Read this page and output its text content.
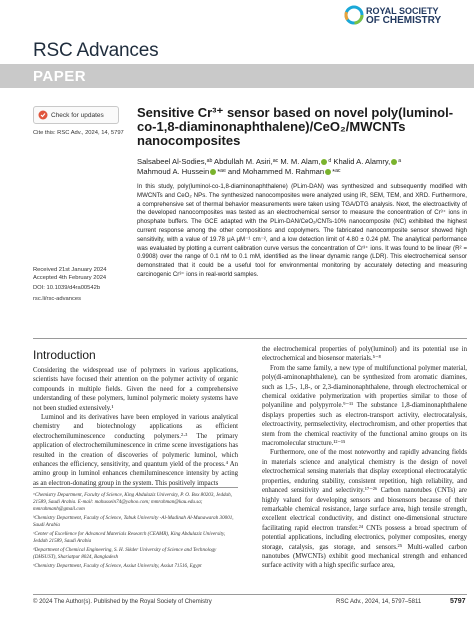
RSC Advances
ROYAL SOCIETY
OF CHEMISTRY
PAPER
Check for updates
Cite this: RSC Adv., 2024, 14, 5797
Sensitive Cr³⁺ sensor based on novel poly(luminol-co-1,8-diaminonaphthalene)/CeO₂/MWCNTs nanocomposites
Salsabeel Al-Sodies,ᵃᵇ Abdullah M. Asiri,ᵃᶜ M. M. Alam, ᵈ Khalid A. Alamry, ᵃ
Mahmoud A. Hussein *ᵃᵉ and Mohammed M. Rahman *ᵃᶜ
In this study, poly(luminol-co-1,8-diaminonaphthalene) (PLim-DAN) was synthesized and subsequently modified with MWCNTs and CeO₂ NPs. The synthesized nanocomposites were analyzed using IR, SEM, TEM, and XRD. Furthermore, a comprehensive set of thermal behavior measurements were taken using TGA/DTG analysis. Next, the electroactivity of the developed nanocomposites was tested as an electrochemical sensor to measure the concentration of Cr³⁺ ions in phosphate buffers. The GCE adapted with the PLim-DAN/CeO₂/CNTs-10% nanocomposite (NC) exhibited the highest current response among the other compositions and copolymers. The fabricated nanocomposite sensor showed high sensitivity, with a value of 19.78 μA μM⁻¹ cm⁻², and a low detection limit of 4.80 ± 0.24 pM. The analytical performance was evaluated by plotting a current calibration curve versus the concentration of Cr³⁺ ions. It was found to be linear (R² = 0.9908) over the range of 0.1 nM to 0.1 mM, identified as the linear dynamic range (LDR). This electrochemical sensor demonstrated that it could be a useful tool for environmental monitoring by accurately detecting and measuring carcinogenic Cr³⁺ ions in real-world samples.
Received 21st January 2024
Accepted 4th February 2024
DOI: 10.1039/d4ra00542b
rsc.li/rsc-advances
Introduction

Considering the widespread use of polymers in various applications, scientists have focused their attention on the polymer activity of organic compounds in multiple fields. Given the need for a comprehensive understanding of these polymers, luminol polymeric moiety systems have not been studied extensively.¹

Luminol and its derivatives have been employed in various analytical chemistry and biotechnology applications as efficient electrochemiluminescence conducting polymers.²·³ The primary application of electrochemiluminescence in crime scene investigations has resulted in the creation of discoveries of polymeric luminol, which enhances the efficiency, sensitivity, and quantum yield of the process.⁴ An amino group in luminol enhances chemiluminescence intensity by acting as an electron-donating group in the system. This positively impacts

the electrochemical properties of poly(luminol) and its potential use in electrochemical and biosensor materials.⁵⁻⁸

From the same family, a new type of multifunctional polymer material, poly(di-aminonaphthalene), can be synthesized from aromatic diamines, such as 1,5-, 1,8-, or 2,3-diaminonaphthalene, through electrochemical or chemical oxidative polymerization with properties similar to those of polyaniline and polypyrrole.⁹⁻¹¹ The substance 1,8-diaminonaphthalene displays properties such as electron-transport activity, electrocatalysis, electroactivity, permselectivity, electrochromism, and other properties that stem from the chemical reactivity of the functional amino groups on its macromolecular structure.¹²⁻¹⁵

Furthermore, one of the most noteworthy and rapidly advancing fields in materials science and analytical chemistry is the design of novel electrochemical sensing materials that display exceptional electrocatalytic properties, enduring stability, consistent repetition, high reliability, and enhanced sensitivity and selectivity.¹⁷⁻²⁶ Carbon nanotubes (CNTs) are highly valued for developing sensors and biosensors because of their remarkable chemical resistance, large surface area, high tensile strength, excellent electrical conductivity, and distinct one-dimensional structure facilitating rapid electron transfer.²⁴ CNTs possess a broad spectrum of potential applications, including electronics, polymer composites, energy storage, catalysis, gas storage, and sensors.²⁵ Multi-walled carbon nanotubes (MWCNTs) exhibit good mechanical strength and enhanced surface activity with a high specific surface area,

ᵃChemistry Department, Faculty of Science, King Abdulaziz University, P. O. Box 80203, Jeddah, 21589, Saudi Arabia. E-mail: mahussein74@yahoo.com; mmrahman@kau.edu.sa; mmrahmanh@gmail.com

ᵇChemistry Department, Faculty of Science, Tabuk University -Al-Madinah Al-Munawarah 30001, Saudi Arabia

ᶜCenter of Excellence for Advanced Materials Research (CEAMR), King Abdulaziz University, Jeddah 21589, Saudi Arabia

ᵈDepartment of Chemical Engineering, S. H. Sikder University of Science and Technology (DHSUST), Shariatpur 8024, Bangladesh

ᵉChemistry Department, Faculty of Science, Assiut University, Assiut 71516, Egypt

© 2024 The Author(s). Published by the Royal Society of Chemistry	RSC Adv., 2024, 14, 5797–5811	5797
